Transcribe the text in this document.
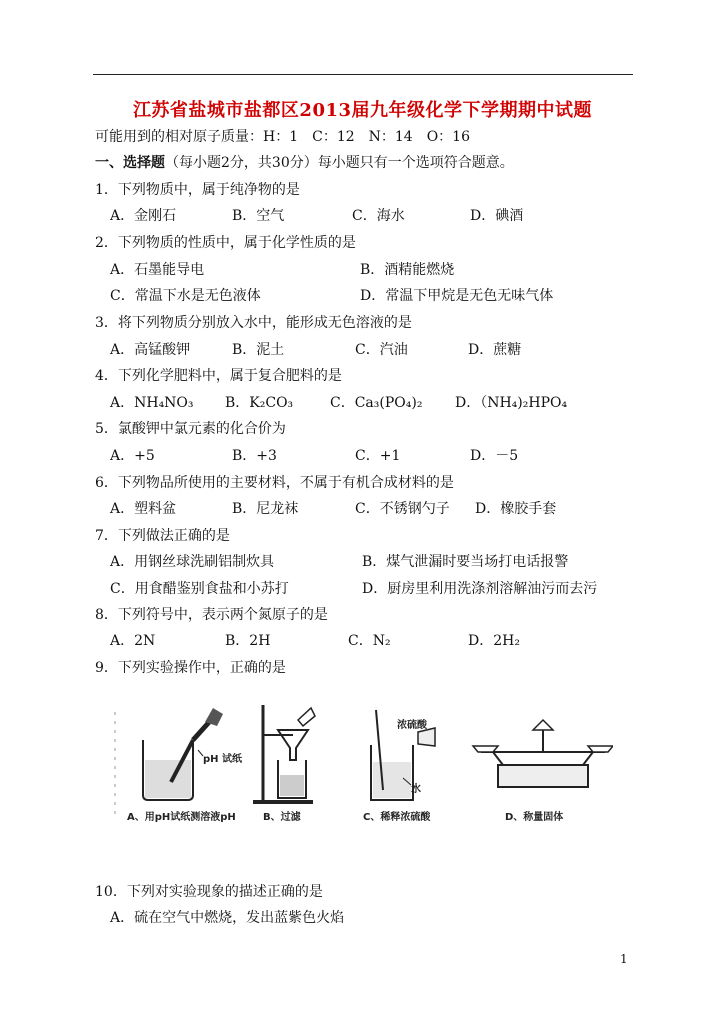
江苏省盐城市盐都区2013届九年级化学下学期期中试题
可能用到的相对原子质量：H：1　C：12　N：14　O：16
一、选择题（每小题2分，共30分）每小题只有一个选项符合题意。
1．下列物质中，属于纯净物的是
A．金刚石	B．空气	C．海水	D．碘酒
2．下列物质的性质中，属于化学性质的是
A．石墨能导电	B．酒精能燃烧
C．常温下水是无色液体	D．常温下甲烷是无色无味气体
3．将下列物质分别放入水中，能形成无色溶液的是
A．高锰酸钾	B．泥土	C．汽油	D．蔗糖
4．下列化学肥料中，属于复合肥料的是
A．NH₄NO₃ B．K₂CO₃	C．Ca₃(PO₄)₂ D．（NH₄)₂HPO₄
5．氯酸钾中氯元素的化合价为
A．+5	B．+3	C．+1	D．－5
6．下列物品所使用的主要材料，不属于有机合成材料的是
A．塑料盆	B．尼龙袜	C．不锈钢勺子 D．橡胶手套
7．下列做法正确的是
A．用钢丝球洗刷铝制炊具	B．煤气泄漏时要当场打电话报警
C．用食醋鉴别食盐和小苏打	D．厨房里利用洗涤剂溶解油污而去污
8．下列符号中，表示两个氮原子的是
A．2N	B．2H	C．N₂	D．2H₂
9．下列实验操作中，正确的是
pH 试纸
A、用pH试纸测溶液pH	B、过滤
浓硫酸
水
C、稀释浓硫酸	D、称量固体
10．下列对实验现象的描述正确的是
A．硫在空气中燃烧，发出蓝紫色火焰
1
